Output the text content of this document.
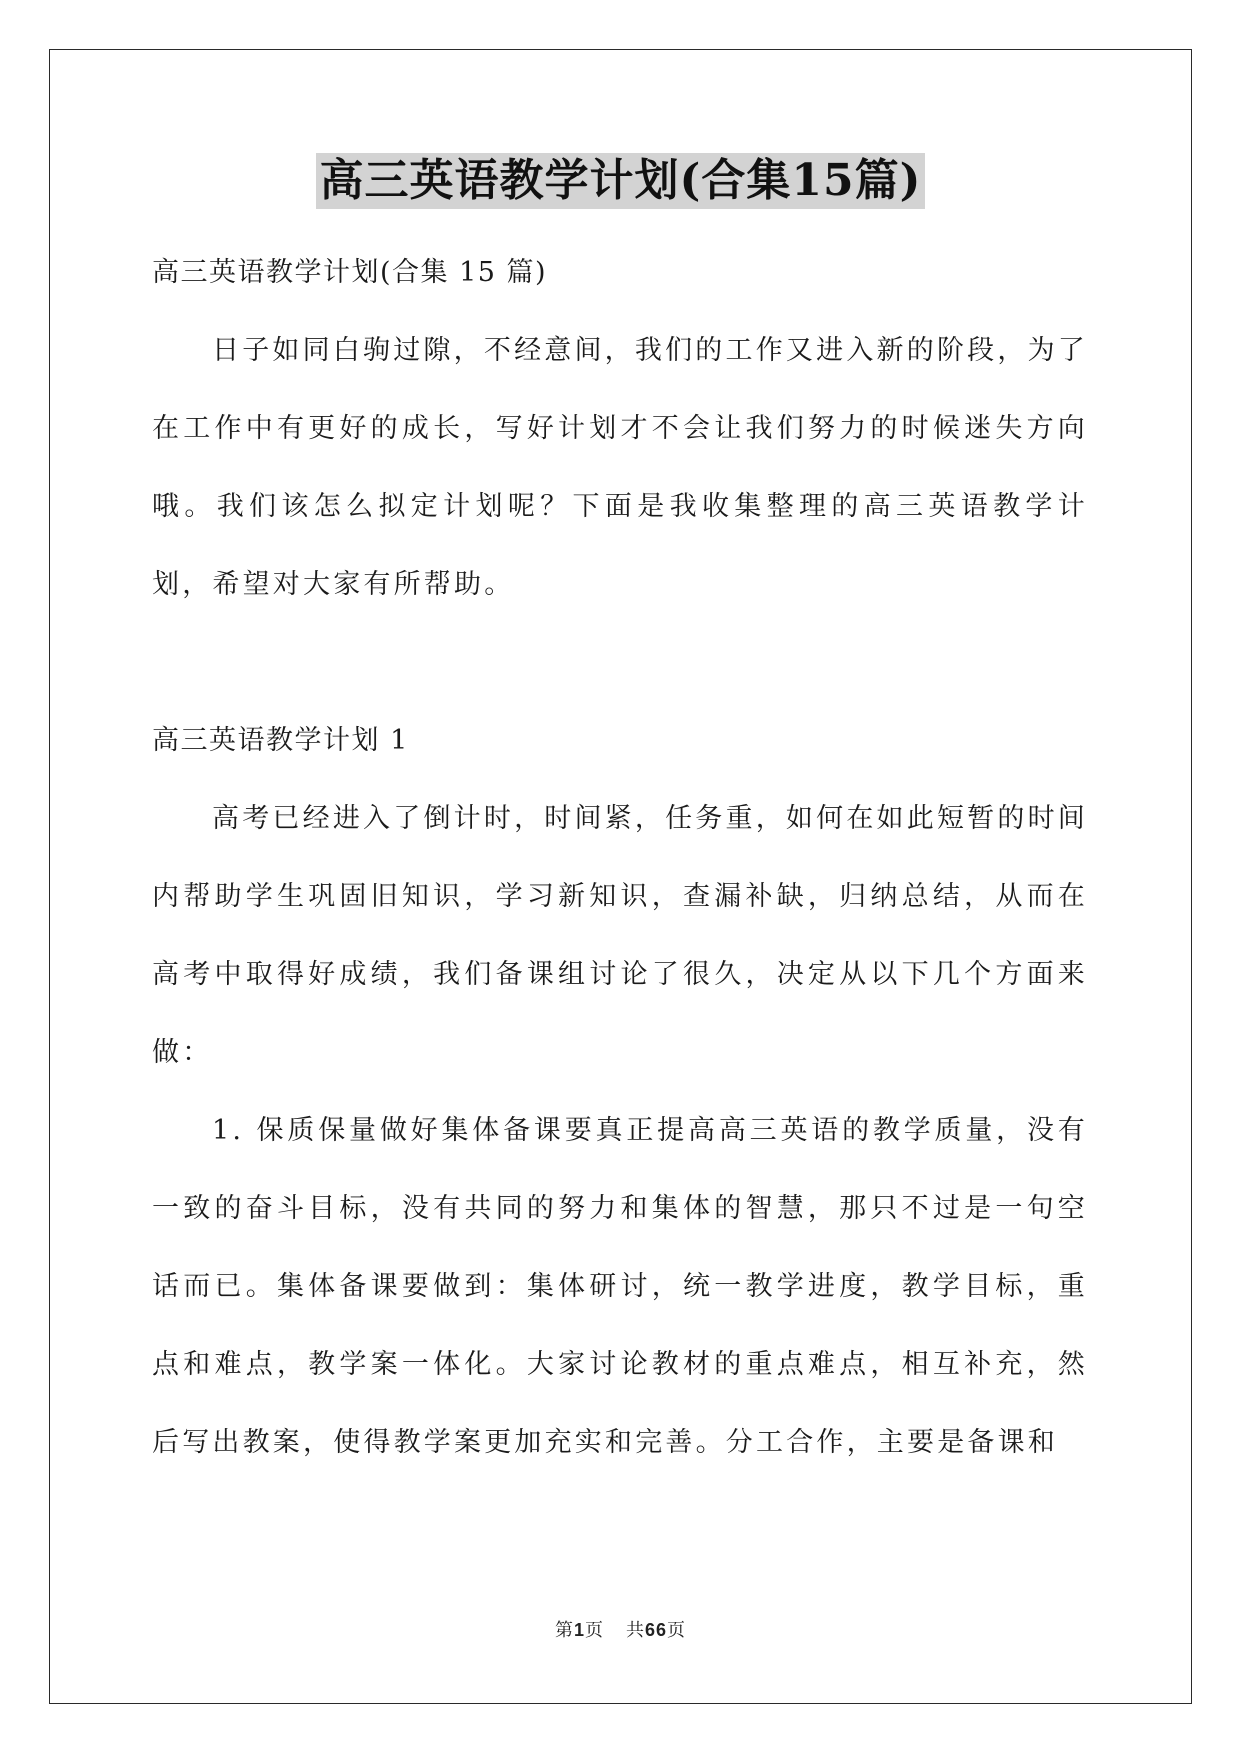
高三英语教学计划(合集15篇)

高三英语教学计划(合集 15 篇)

日子如同白驹过隙，不经意间，我们的工作又进入新的阶段，为了在工作中有更好的成长，写好计划才不会让我们努力的时候迷失方向哦。我们该怎么拟定计划呢？下面是我收集整理的高三英语教学计划，希望对大家有所帮助。

高三英语教学计划 1

高考已经进入了倒计时，时间紧，任务重，如何在如此短暂的时间内帮助学生巩固旧知识，学习新知识，查漏补缺，归纳总结，从而在高考中取得好成绩，我们备课组讨论了很久，决定从以下几个方面来做：

1. 保质保量做好集体备课要真正提高高三英语的教学质量，没有一致的奋斗目标，没有共同的努力和集体的智慧，那只不过是一句空话而已。集体备课要做到：集体研讨，统一教学进度，教学目标，重点和难点，教学案一体化。大家讨论教材的重点难点，相互补充，然后写出教案，使得教学案更加充实和完善。分工合作，主要是备课和

第1页 共66页
